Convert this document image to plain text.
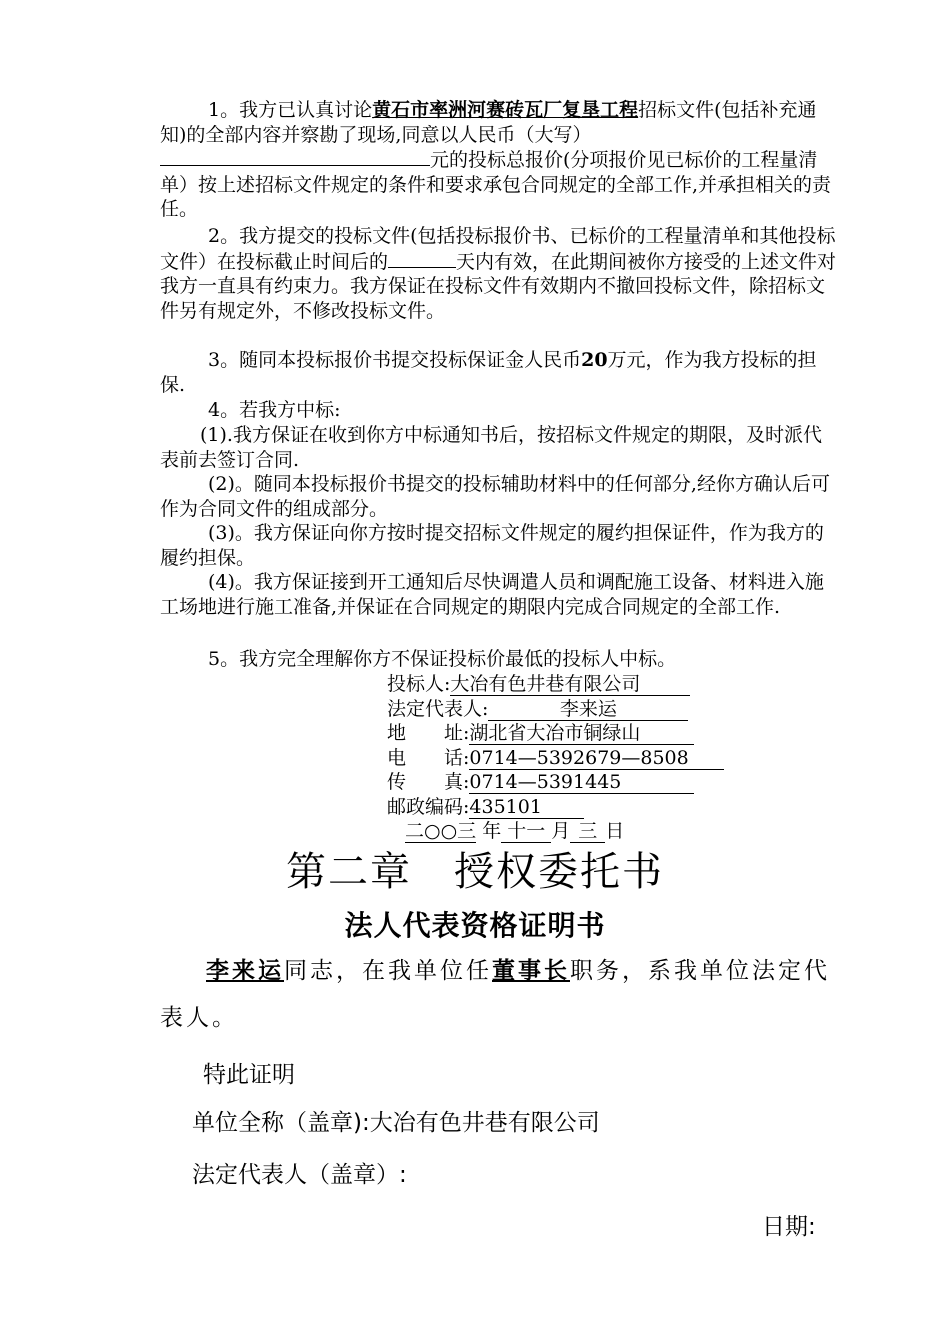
1。我方已认真讨论黄石市率洲河赛砖瓦厂复垦工程招标文件(包括补充通知)的全部内容并察勘了现场,同意以人民币（大写）元的投标总报价(分项报价见已标价的工程量清单）按上述招标文件规定的条件和要求承包合同规定的全部工作,并承担相关的责任。

2。我方提交的投标文件(包括投标报价书、已标价的工程量清单和其他投标文件）在投标截止时间后的	天内有效，在此期间被你方接受的上述文件对我方一直具有约束力。我方保证在投标文件有效期内不撤回投标文件，除招标文件另有规定外，不修改投标文件。

3。随同本投标报价书提交投标保证金人民币20万元，作为我方投标的担保.

4。若我方中标:

(1).我方保证在收到你方中标通知书后，按招标文件规定的期限，及时派代表前去签订合同.

(2)。随同本投标报价书提交的投标辅助材料中的任何部分,经你方确认后可作为合同文件的组成部分。

(3)。我方保证向你方按时提交招标文件规定的履约担保证件，作为我方的履约担保。

(4)。我方保证接到开工通知后尽快调遣人员和调配施工设备、材料进入施工场地进行施工准备,并保证在合同规定的期限内完成合同规定的全部工作.

5。我方完全理解你方不保证投标价最低的投标人中标。

投标人:大冶有色井巷有限公司
法定代表人:	李来运
地　　址:湖北省大冶市铜绿山
电　　话:0714—5392679—8508
传　　真:0714—5391445
邮政编码:435101
二○○三 年 十一 月 三 日
第二章　授权委托书
法人代表资格证明书
李来运同志，在我单位任董事长职务，系我单位法定代表人。
特此证明
单位全称（盖章):大冶有色井巷有限公司
法定代表人（盖章）:
日期:
